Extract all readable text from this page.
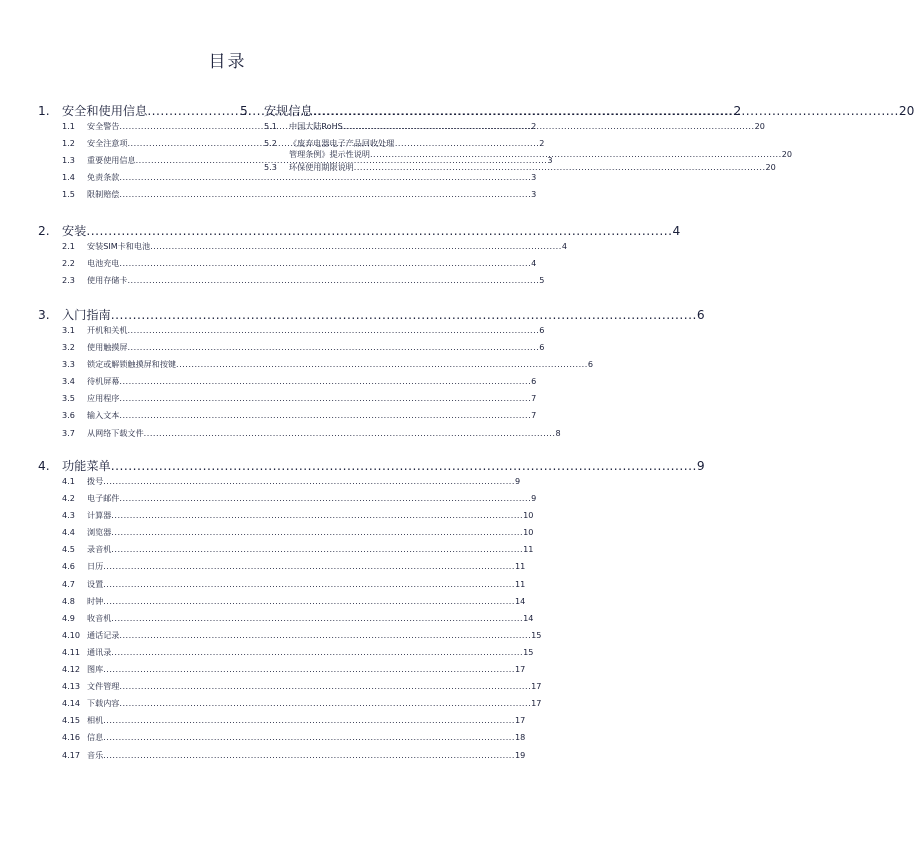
目录
1.	安全和使用信息 .....	2
1.1	安全警告 .....	2
1.2	安全注意项 .....	2
1.3	重要使用信息 .....	3
1.4	免责条款 .....	3
1.5	限制赔偿 .....	3
2.	安装 .....	4
2.1	安装SIM卡和电池 .....	4
2.2	电池充电 .....	4
2.3	使用存储卡 .....	5
3.	入门指南 .....	6
3.1	开机和关机 .....	6
3.2	使用触摸屏 .....	6
3.3	锁定或解锁触摸屏和按键 .....	6
3.4	待机屏幕 .....	6
3.5	应用程序 .....	7
3.6	输入文本 .....	7
3.7	从网络下载文件 .....	8
4.	功能菜单 .....	9
4.1	拨号 .....	9
4.2	电子邮件 .....	9
4.3	计算器 .....	10
4.4	浏览器 .....	10
4.5	录音机 .....	11
4.6	日历 .....	11
4.7	设置 .....	11
4.8	时钟 .....	14
4.9	收音机 .....	14
4.10 通话记录 .....	15
4.11 通讯录 .....	15
4.12 图库 .....	17
4.13 文件管理 .....	17
4.14 下载内容 .....	17
4.15 相机 .....	17
4.16 信息 .....	18
4.17 音乐 .....	19
5.	安规信息 .....	20
5.1	中国大陆RoHS .....	20
5.2	《废弃电器电子产品回收处理
管理条例》提示性说明 .....	20
5.3	环保使用期限说明 .....	20
